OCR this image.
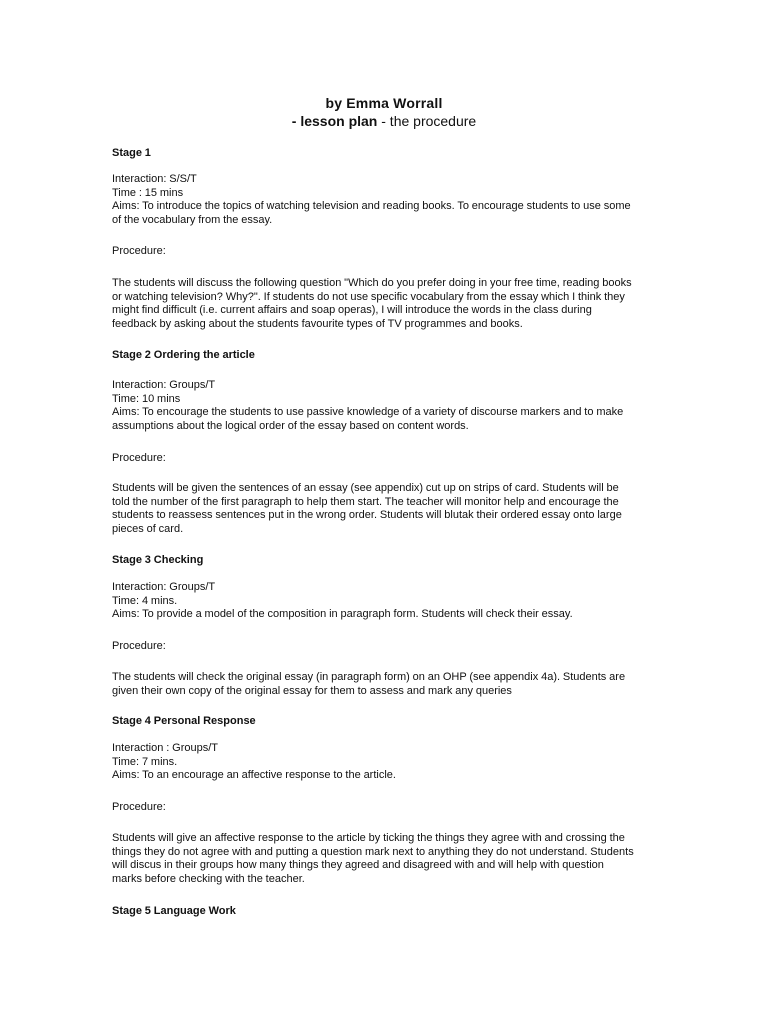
by Emma Worrall
- lesson plan - the procedure
Stage 1
Interaction: S/S/T
Time : 15 mins
Aims: To introduce the topics of watching television and reading books. To encourage students to use some
of the vocabulary from the essay.
Procedure:
The students will discuss the following question "Which do you prefer doing in your free time, reading books
or watching television? Why?". If students do not use specific vocabulary from the essay which I think they
might find difficult (i.e. current affairs and soap operas), I will introduce the words in the class during
feedback by asking about the students favourite types of TV programmes and books.
Stage 2 Ordering the article
Interaction: Groups/T
Time: 10 mins
Aims: To encourage the students to use passive knowledge of a variety of discourse markers and to make
assumptions about the logical order of the essay based on content words.
Procedure:
Students will be given the sentences of an essay (see appendix) cut up on strips of card. Students will be
told the number of the first paragraph to help them start. The teacher will monitor help and encourage the
students to reassess sentences put in the wrong order. Students will blutak their ordered essay onto large
pieces of card.
Stage 3 Checking
Interaction: Groups/T
Time: 4 mins.
Aims: To provide a model of the composition in paragraph form. Students will check their essay.
Procedure:
The students will check the original essay (in paragraph form) on an OHP (see appendix 4a). Students are
given their own copy of the original essay for them to assess and mark any queries
Stage 4 Personal Response
Interaction : Groups/T
Time: 7 mins.
Aims: To an encourage an affective response to the article.
Procedure:
Students will give an affective response to the article by ticking the things they agree with and crossing the
things they do not agree with and putting a question mark next to anything they do not understand. Students
will discus in their groups how many things they agreed and disagreed with and will help with question
marks before checking with the teacher.
Stage 5 Language Work
